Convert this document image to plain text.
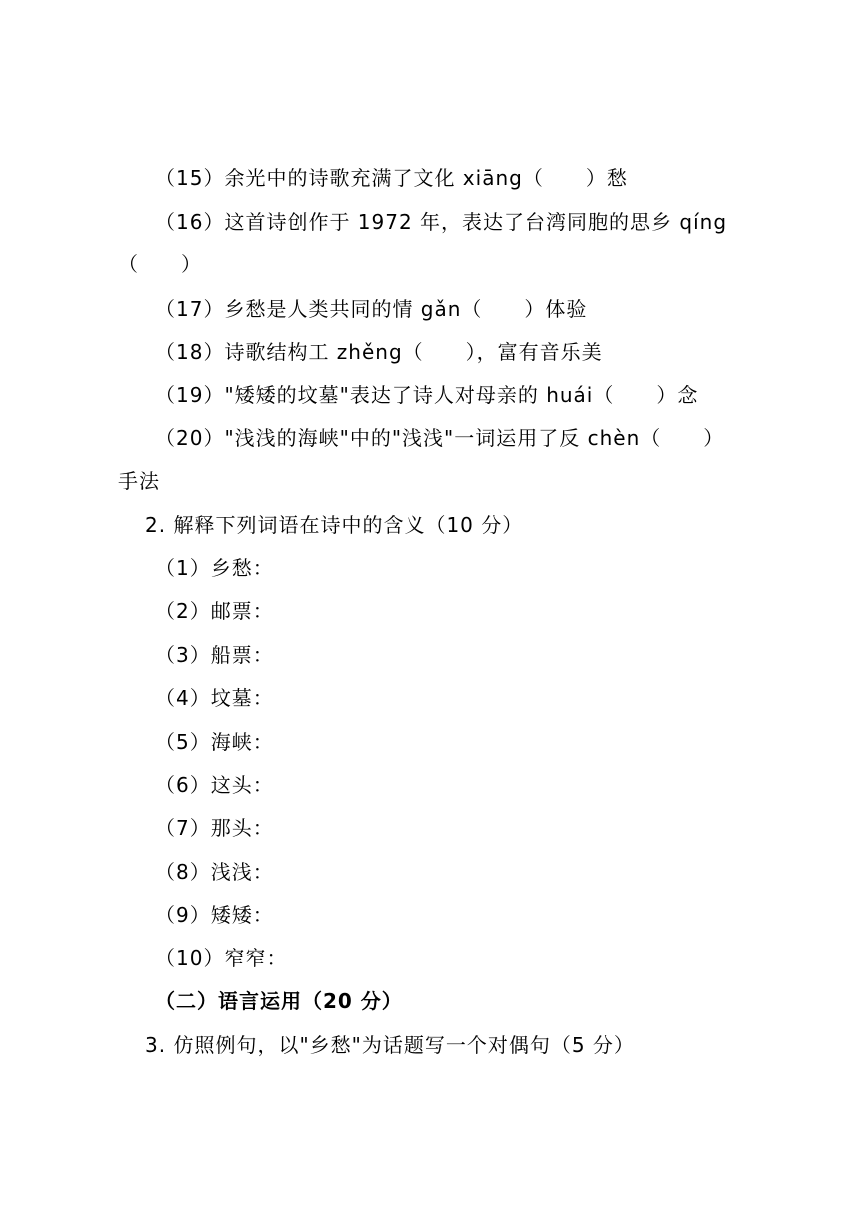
（15）余光中的诗歌充满了文化 xiāng（　　）愁
（16）这首诗创作于 1972 年，表达了台湾同胞的思乡 qíng
（　　）
（17）乡愁是人类共同的情 gǎn（　　）体验
（18）诗歌结构工 zhěng（　　），富有音乐美
（19）"矮矮的坟墓"表达了诗人对母亲的 huái（　　）念
（20）"浅浅的海峡"中的"浅浅"一词运用了反 chèn（　　）
手法
2. 解释下列词语在诗中的含义（10 分）
（1）乡愁：
（2）邮票：
（3）船票：
（4）坟墓：
（5）海峡：
（6）这头：
（7）那头：
（8）浅浅：
（9）矮矮：
（10）窄窄：
（二）语言运用（20 分）
3. 仿照例句，以"乡愁"为话题写一个对偶句（5 分）
